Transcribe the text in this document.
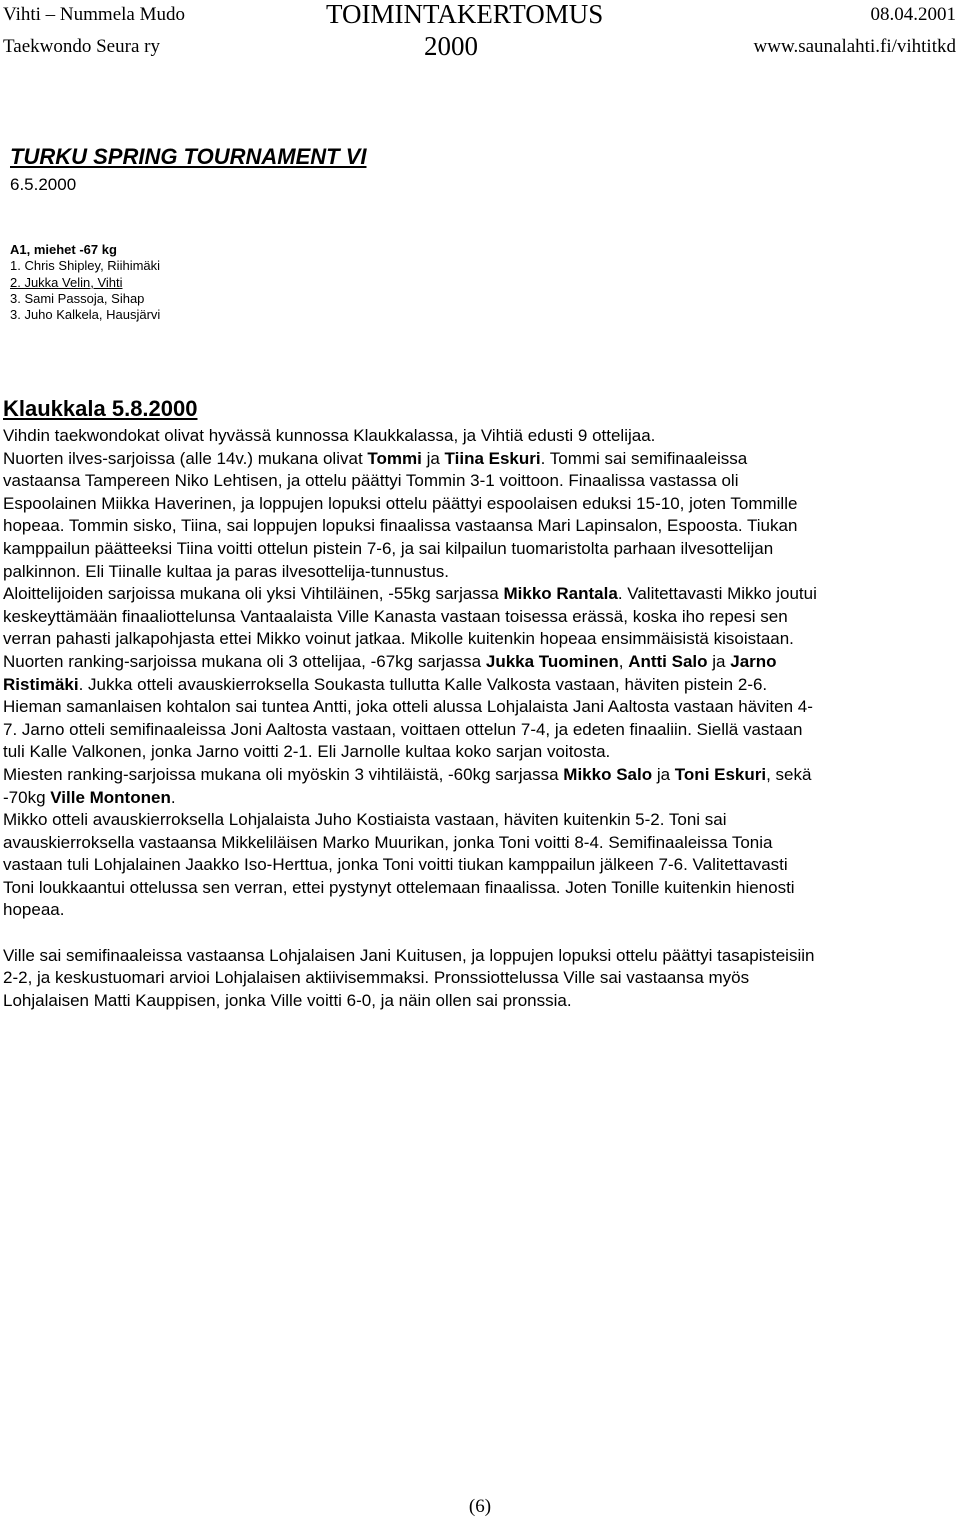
Vihti – Nummela Mudo	TOIMINTAKERTOMUS	08.04.2001
Taekwondo Seura ry	2000	www.saunalahti.fi/vihtitkd
TURKU SPRING TOURNAMENT VI
6.5.2000
A1, miehet -67 kg
1. Chris Shipley, Riihimäki
2. Jukka Velin, Vihti
3. Sami Passoja, Sihap
3. Juho Kalkela, Hausjärvi
Klaukkala 5.8.2000

Vihdin taekwondokat olivat hyvässä kunnossa Klaukkalassa, ja Vihtiä edusti 9 ottelijaa.
Nuorten ilves-sarjoissa (alle 14v.) mukana olivat Tommi ja Tiina Eskuri. Tommi sai semifinaaleissa
vastaansa Tampereen Niko Lehtisen, ja ottelu päättyi Tommin 3-1 voittoon. Finaalissa vastassa oli
Espoolainen Miikka Haverinen, ja loppujen lopuksi ottelu päättyi espoolaisen eduksi 15-10, joten Tommille
hopeaa. Tommin sisko, Tiina, sai loppujen lopuksi finaalissa vastaansa Mari Lapinsalon, Espoosta. Tiukan
kamppailun päätteeksi Tiina voitti ottelun pistein 7-6, ja sai kilpailun tuomaristolta parhaan ilvesottelijan
palkinnon. Eli Tiinalle kultaa ja paras ilvesottelija-tunnustus.
Aloittelijoiden sarjoissa mukana oli yksi Vihtiläinen, -55kg sarjassa Mikko Rantala. Valitettavasti Mikko joutui
keskeyttämään finaaliottelunsa Vantaalaista Ville Kanasta vastaan toisessa erässä, koska iho repesi sen
verran pahasti jalkapohjasta ettei Mikko voinut jatkaa. Mikolle kuitenkin hopeaa ensimmäisistä kisoistaan.
Nuorten ranking-sarjoissa mukana oli 3 ottelijaa, -67kg sarjassa Jukka Tuominen, Antti Salo ja Jarno
Ristimäki. Jukka otteli avauskierroksella Soukasta tullutta Kalle Valkosta vastaan, häviten pistein 2-6.
Hieman samanlaisen kohtalon sai tuntea Antti, joka otteli alussa Lohjalaista Jani Aaltosta vastaan häviten 4-
7. Jarno otteli semifinaaleissa Joni Aaltosta vastaan, voittaen ottelun 7-4, ja edeten finaaliin. Siellä vastaan
tuli Kalle Valkonen, jonka Jarno voitti 2-1. Eli Jarnolle kultaa koko sarjan voitosta.
Miesten ranking-sarjoissa mukana oli myöskin 3 vihtiläistä, -60kg sarjassa Mikko Salo ja Toni Eskuri, sekä
-70kg Ville Montonen.
Mikko otteli avauskierroksella Lohjalaista Juho Kostiaista vastaan, häviten kuitenkin 5-2. Toni sai
avauskierroksella vastaansa Mikkeliläisen Marko Muurikan, jonka Toni voitti 8-4. Semifinaaleissa Tonia
vastaan tuli Lohjalainen Jaakko Iso-Herttua, jonka Toni voitti tiukan kamppailun jälkeen 7-6. Valitettavasti
Toni loukkaantui ottelussa sen verran, ettei pystynyt ottelemaan finaalissa. Joten Tonille kuitenkin hienosti
hopeaa.

Ville sai semifinaaleissa vastaansa Lohjalaisen Jani Kuitusen, ja loppujen lopuksi ottelu päättyi tasapisteisiin
2-2, ja keskustuomari arvioi Lohjalaisen aktiivisemmaksi. Pronssiottelussa Ville sai vastaansa myös
Lohjalaisen Matti Kauppisen, jonka Ville voitti 6-0, ja näin ollen sai pronssia.

(6)
